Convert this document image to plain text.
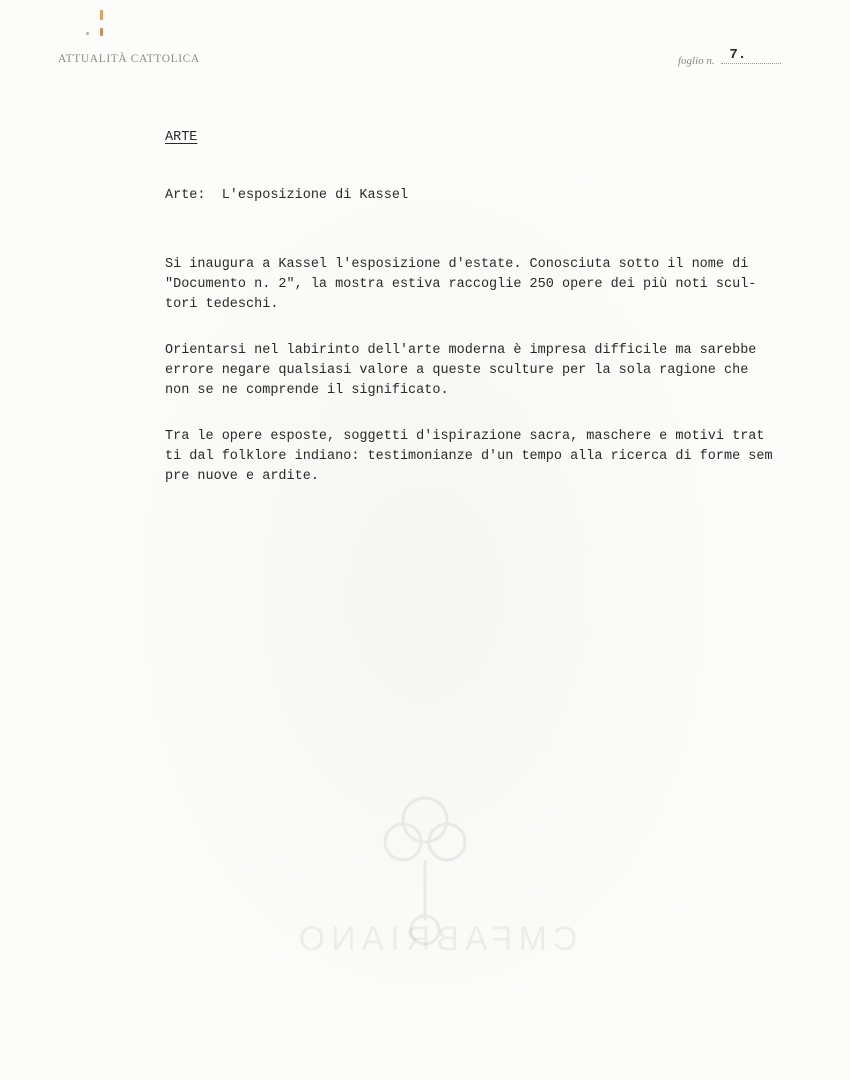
ATTUALITÀ CATTOLICA	foglio n. 7.
ARTE
Arte:  L'esposizione di Kassel

Si inaugura a Kassel l'esposizione d'estate. Conosciuta sotto il nome di
"Documento n. 2", la mostra estiva raccoglie 250 opere dei più noti scul-
tori tedeschi.

Orientarsi nel labirinto dell'arte moderna è impresa difficile ma sarebbe
errore negare qualsiasi valore a queste sculture per la sola ragione che
non se ne comprende il significato.

Tra le opere esposte, soggetti d'ispirazione sacra, maschere e motivi trat
ti dal folklore indiano: testimonianze d'un tempo alla ricerca di forme sem
pre nuove e ardite.

CMFABRIANO
